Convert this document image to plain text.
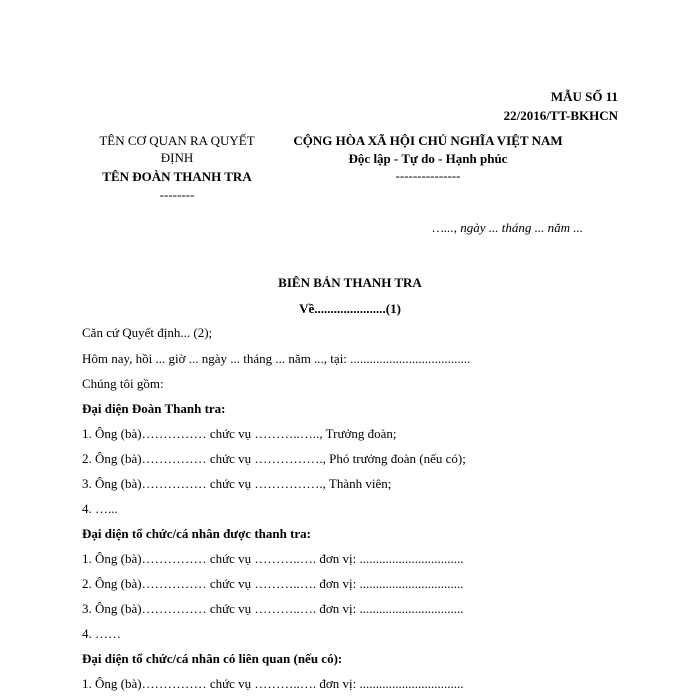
MẪU SỐ 11
22/2016/TT-BKHCN
TÊN CƠ QUAN RA QUYẾT
ĐỊNH
TÊN ĐOÀN THANH TRA
--------
CỘNG HÒA XÃ HỘI CHỦ NGHĨA VIỆT NAM
Độc lập - Tự do - Hạnh phúc
---------------
…..., ngày ... tháng ... năm ...
BIÊN BẢN THANH TRA
Về......................(1)
Căn cứ Quyết định... (2);
Hôm nay, hồi ... giờ ... ngày ... tháng ... năm ..., tại: .....................................
Chúng tôi gồm:
Đại diện Đoàn Thanh tra:
1. Ông (bà)…………… chức vụ ………..….., Trưởng đoàn;
2. Ông (bà)…………… chức vụ ……………., Phó trưởng đoàn (nếu có);
3. Ông (bà)…………… chức vụ ……………., Thành viên;
4. …...
Đại diện tổ chức/cá nhân được thanh tra:
1. Ông (bà)…………… chức vụ ………..…. đơn vị: ................................
2. Ông (bà)…………… chức vụ ………..…. đơn vị: ................................
3. Ông (bà)…………… chức vụ ………..…. đơn vị: ................................
4. ……
Đại diện tổ chức/cá nhân có liên quan (nếu có):
1. Ông (bà)…………… chức vụ ………..…. đơn vị: ................................
